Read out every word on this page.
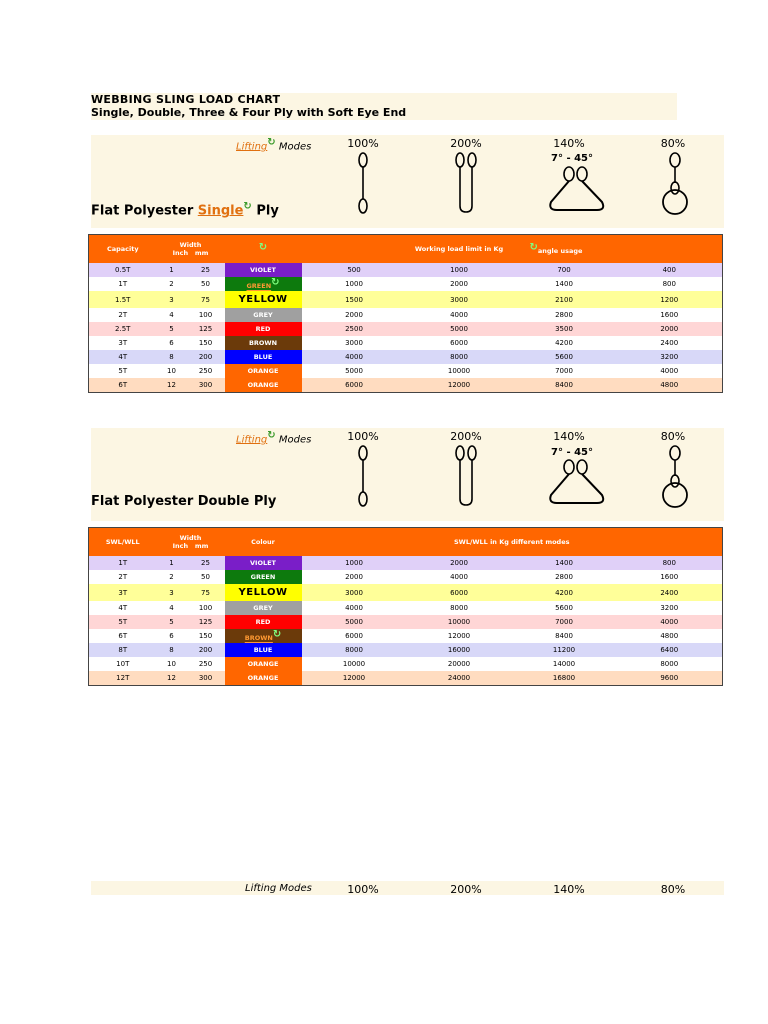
WEBBING SLING LOAD CHART
Single, Double, Three & Four Ply with Soft Eye End
Lifting↻ Modes	100%	200%	140%	80%
7° - 45°
Flat Polyester Single↻ Ply
Capacity	Width
Inch mm		↻		Working load limit in Kg	↻angle usage	
0.5T	1	25	VIOLET	500	1000	700	400
1T	2	50	GREEN↻	1000	2000	1400	800
1.5T	3	75	YELLOW	1500	3000	2100	1200
2T	4	100	GREY	2000	4000	2800	1600
2.5T	5	125	RED	2500	5000	3500	2000
3T	6	150	BROWN	3000	6000	4200	2400
4T	8	200	BLUE	4000	8000	5600	3200
5T	10	250	ORANGE	5000	10000	7000	4000
6T	12	300	ORANGE	6000	12000	8400	4800
Lifting↻ Modes	100%	200%	140%	80%
7° - 45°
Flat Polyester Double Ply
SWL/WLL	Width
Inch mm		Colour	SWL/WLL in Kg different modes			
1T	1	25	VIOLET	1000	2000	1400	800
2T	2	50	GREEN	2000	4000	2800	1600
3T	3	75	YELLOW	3000	6000	4200	2400
4T	4	100	GREY	4000	8000	5600	3200
5T	5	125	RED	5000	10000	7000	4000
6T	6	150	BROWN↻	6000	12000	8400	4800
8T	8	200	BLUE	8000	16000	11200	6400
10T	10	250	ORANGE	10000	20000	14000	8000
12T	12	300	ORANGE	12000	24000	16800	9600
Lifting Modes	100%	200%	140%	80%
